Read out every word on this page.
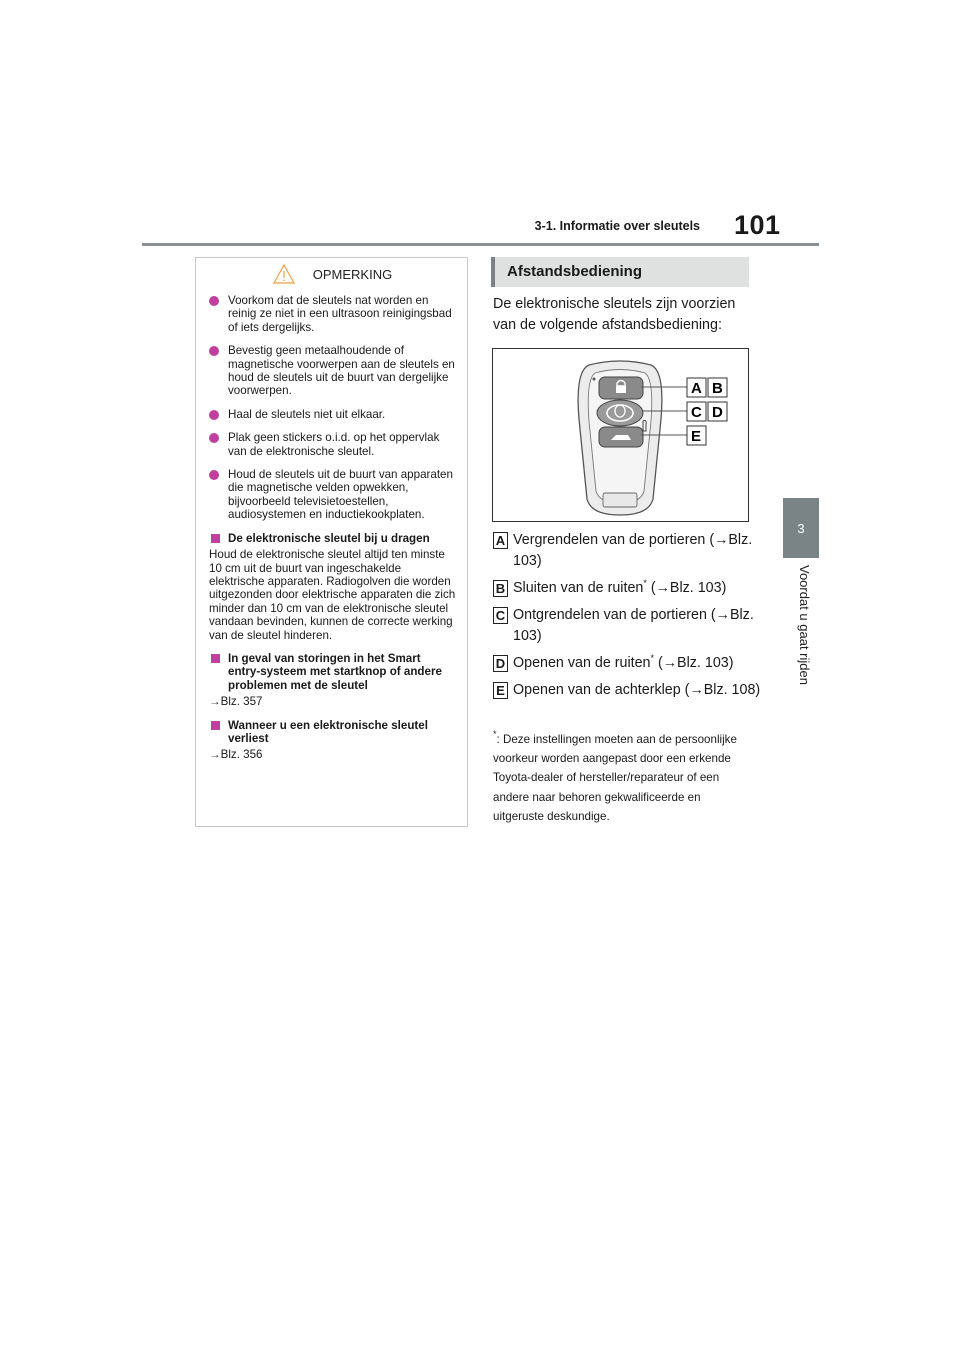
3-1. Informatie over sleutels 101
3
Voordat u gaat rijden
OPMERKING
Voorkom dat de sleutels nat worden en reinig ze niet in een ultrasoon reinigingsbad of iets dergelijks.
Bevestig geen metaalhoudende of magnetische voorwerpen aan de sleutels en houd de sleutels uit de buurt van dergelijke voorwerpen.
Haal de sleutels niet uit elkaar.
Plak geen stickers o.i.d. op het oppervlak van de elektronische sleutel.
Houd de sleutels uit de buurt van apparaten die magnetische velden opwekken, bijvoorbeeld televisietoestellen, audiosystemen en inductiekookplaten.
De elektronische sleutel bij u dragen
Houd de elektronische sleutel altijd ten minste 10 cm uit de buurt van ingeschakelde elektrische apparaten. Radiogolven die worden uitgezonden door elektrische apparaten die zich minder dan 10 cm van de elektronische sleutel vandaan bevinden, kunnen de correcte werking van de sleutel hinderen.
In geval van storingen in het Smart entry-systeem met startknop of andere problemen met de sleutel
→Blz. 357
Wanneer u een elektronische sleutel verliest
→Blz. 356
Afstandsbediening
De elektronische sleutels zijn voorzien van de volgende afstandsbediening:
A B
C D
E
A Vergrendelen van de portieren (→Blz. 103)
B Sluiten van de ruiten* (→Blz. 103)
C Ontgrendelen van de portieren (→Blz. 103)
D Openen van de ruiten* (→Blz. 103)
E Openen van de achterklep (→Blz. 108)
*: Deze instellingen moeten aan de persoonlijke voorkeur worden aangepast door een erkende Toyota-dealer of hersteller/reparateur of een andere naar behoren gekwalificeerde en uitgeruste deskundige.
